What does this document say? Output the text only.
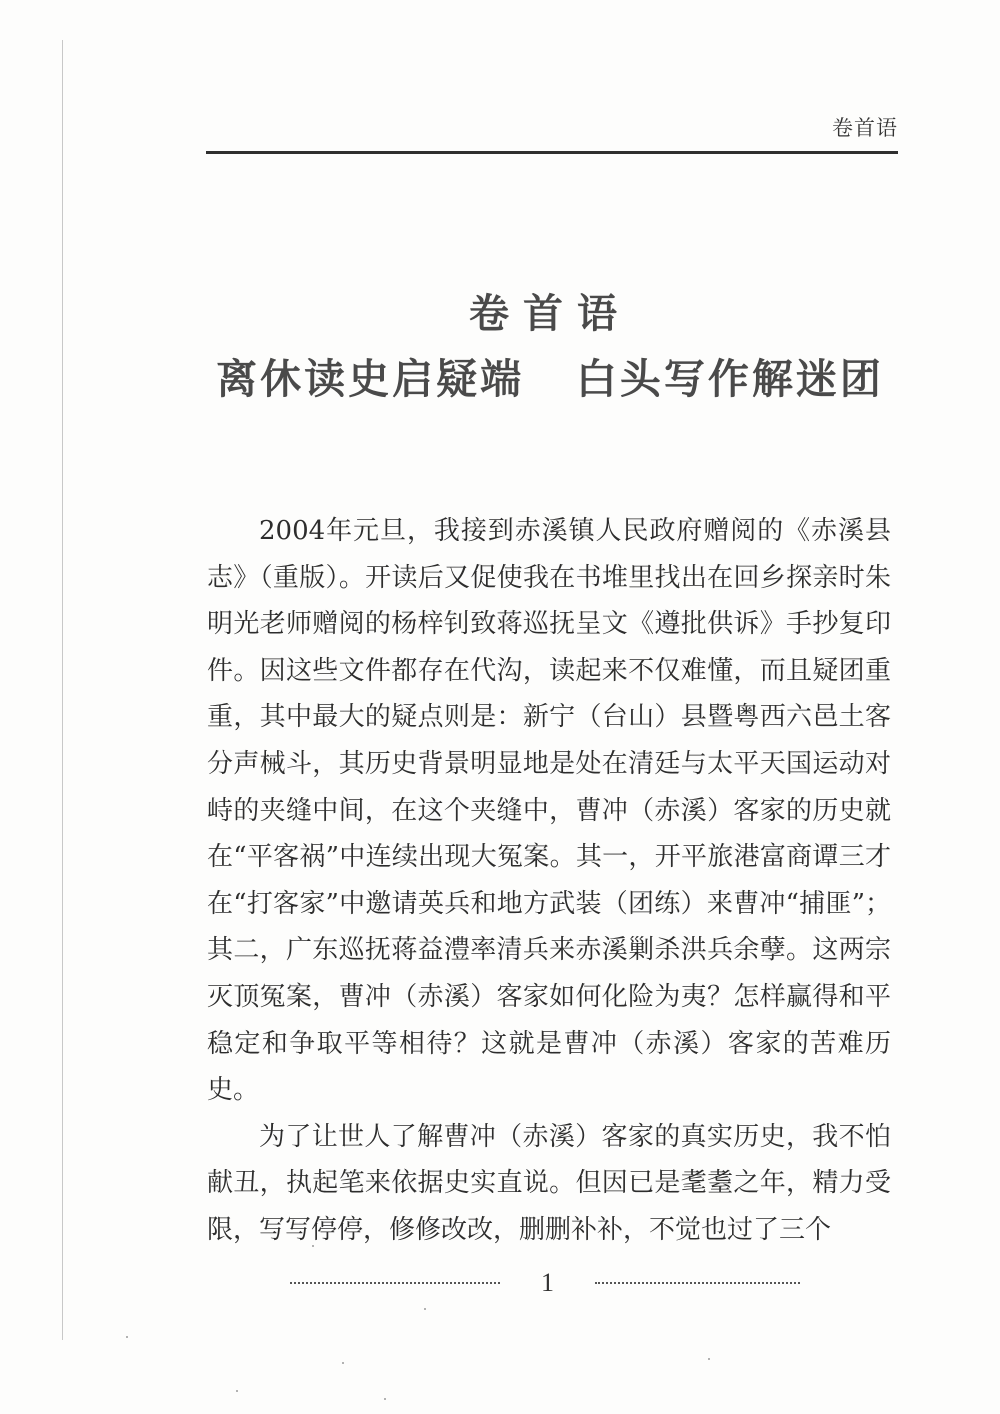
卷首语
卷首语
离休读史启疑端   白头写作解迷团

2004年元旦，我接到赤溪镇人民政府赠阅的《赤溪县志》（重版）。开读后又促使我在书堆里找出在回乡探亲时朱明光老师赠阅的杨梓钊致蒋巡抚呈文《遵批供诉》手抄复印件。因这些文件都存在代沟，读起来不仅难懂，而且疑团重重，其中最大的疑点则是：新宁（台山）县暨粤西六邑土客分声械斗，其历史背景明显地是处在清廷与太平天国运动对峙的夹缝中间，在这个夹缝中，曹冲（赤溪）客家的历史就在“平客祸”中连续出现大冤案。其一，开平旅港富商谭三才在“打客家”中邀请英兵和地方武装（团练）来曹冲“捕匪”；其二，广东巡抚蒋益澧率清兵来赤溪剿杀洪兵余孽。这两宗灭顶冤案，曹冲（赤溪）客家如何化险为夷？怎样赢得和平稳定和争取平等相待？这就是曹冲（赤溪）客家的苦难历史。

为了让世人了解曹冲（赤溪）客家的真实历史，我不怕献丑，执起笔来依据史实直说。但因已是耄耋之年，精力受限，写写停停，修修改改，删删补补，不觉也过了三个

1
